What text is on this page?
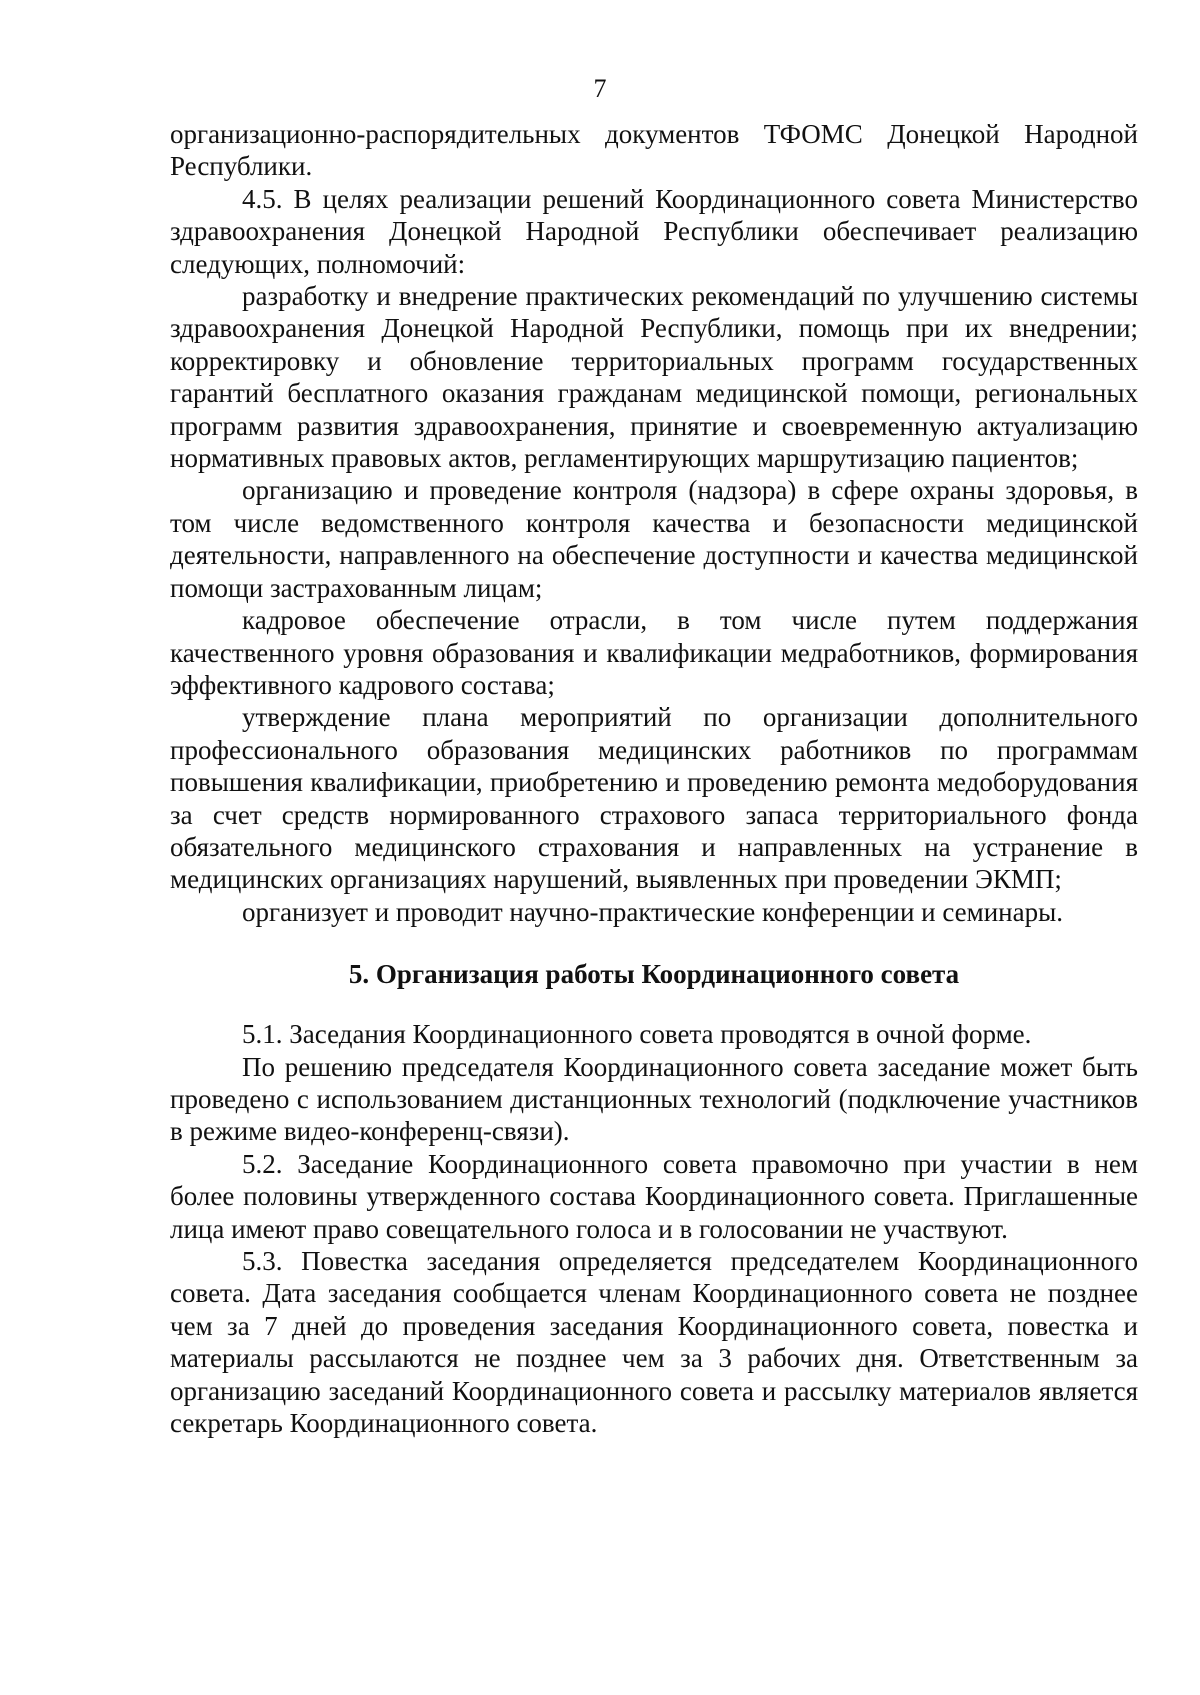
7

организационно-распорядительных документов ТФОМС Донецкой Народной Республики.

4.5. В целях реализации решений Координационного совета Министерство здравоохранения Донецкой Народной Республики обеспечивает реализацию следующих, полномочий:

разработку и внедрение практических рекомендаций по улучшению системы здравоохранения Донецкой Народной Республики, помощь при их внедрении; корректировку и обновление территориальных программ государственных гарантий бесплатного оказания гражданам медицинской помощи, региональных программ развития здравоохранения, принятие и своевременную актуализацию нормативных правовых актов, регламентирующих маршрутизацию пациентов;

организацию и проведение контроля (надзора) в сфере охраны здоровья, в том числе ведомственного контроля качества и безопасности медицинской деятельности, направленного на обеспечение доступности и качества медицинской помощи застрахованным лицам;

кадровое обеспечение отрасли, в том числе путем поддержания качественного уровня образования и квалификации медработников, формирования эффективного кадрового состава;

утверждение плана мероприятий по организации дополнительного профессионального образования медицинских работников по программам повышения квалификации, приобретению и проведению ремонта медоборудования за счет средств нормированного страхового запаса территориального фонда обязательного медицинского страхования и направленных на устранение в медицинских организациях нарушений, выявленных при проведении ЭКМП;

организует и проводит научно-практические конференции и семинары.

5. Организация работы Координационного совета

5.1. Заседания Координационного совета проводятся в очной форме.

По решению председателя Координационного совета заседание может быть проведено с использованием дистанционных технологий (подключение участников в режиме видео-конференц-связи).

5.2. Заседание Координационного совета правомочно при участии в нем более половины утвержденного состава Координационного совета. Приглашенные лица имеют право совещательного голоса и в голосовании не участвуют.

5.3. Повестка заседания определяется председателем Координационного совета. Дата заседания сообщается членам Координационного совета не позднее чем за 7 дней до проведения заседания Координационного совета, повестка и материалы рассылаются не позднее чем за 3 рабочих дня. Ответственным за организацию заседаний Координационного совета и рассылку материалов является секретарь Координационного совета.
